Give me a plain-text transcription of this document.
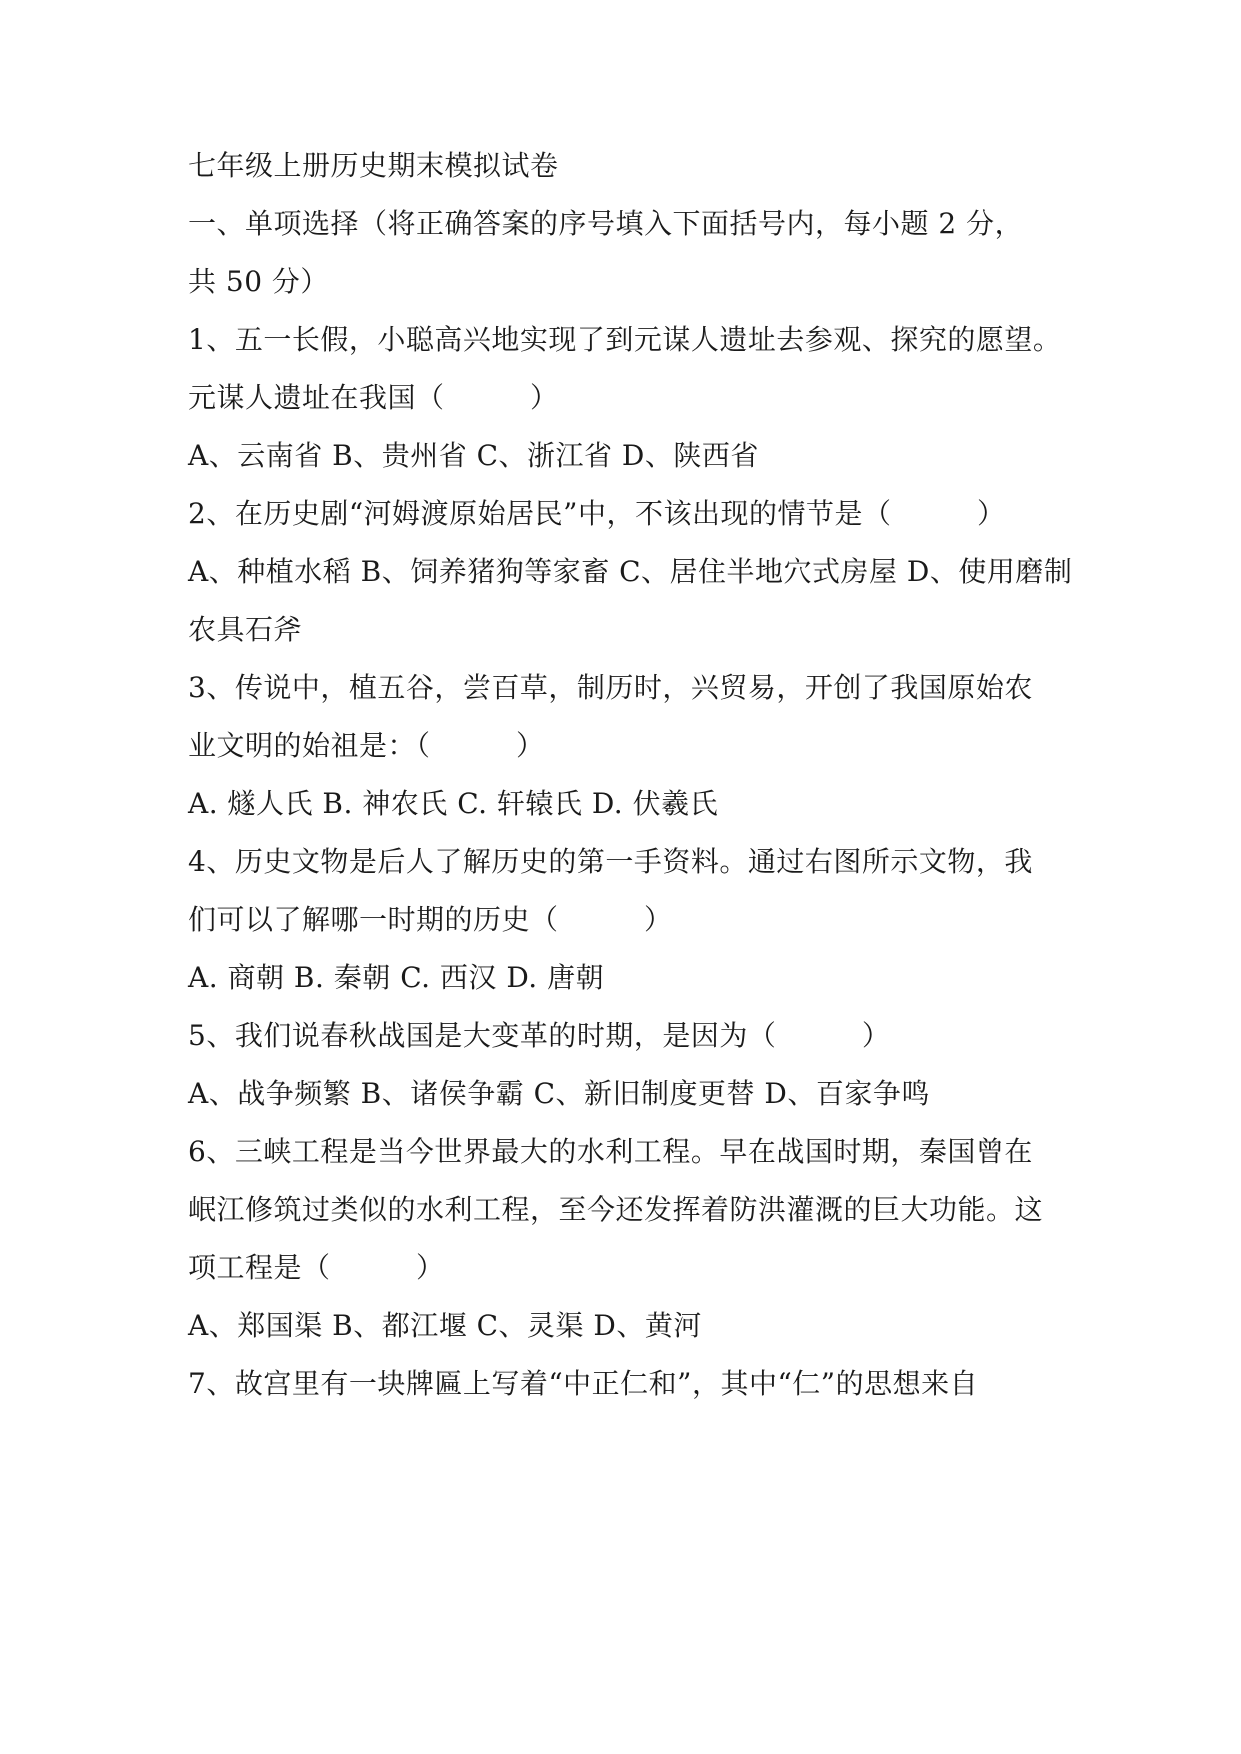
七年级上册历史期末模拟试卷
一、单项选择（将正确答案的序号填入下面括号内，每小题 2 分，
共 50 分）
1、五一长假，小聪高兴地实现了到元谋人遗址去参观、探究的愿望。
元谋人遗址在我国（　　　）
A、云南省 B、贵州省 C、浙江省 D、陕西省
2、在历史剧“河姆渡原始居民”中，不该出现的情节是（　　　）
A、种植水稻 B、饲养猪狗等家畜 C、居住半地穴式房屋 D、使用磨制
农具石斧
3、传说中，植五谷，尝百草，制历时，兴贸易，开创了我国原始农
业文明的始祖是：（　　　）
A. 燧人氏 B. 神农氏 C. 轩辕氏 D. 伏羲氏
4、历史文物是后人了解历史的第一手资料。通过右图所示文物，我
们可以了解哪一时期的历史（　　　）
A. 商朝 B. 秦朝 C. 西汉 D. 唐朝
5、我们说春秋战国是大变革的时期，是因为（　　　）
A、战争频繁 B、诸侯争霸 C、新旧制度更替 D、百家争鸣
6、三峡工程是当今世界最大的水利工程。早在战国时期，秦国曾在
岷江修筑过类似的水利工程，至今还发挥着防洪灌溉的巨大功能。这
项工程是（　　　）
A、郑国渠 B、都江堰 C、灵渠 D、黄河
7、故宫里有一块牌匾上写着“中正仁和”，其中“仁”的思想来自
